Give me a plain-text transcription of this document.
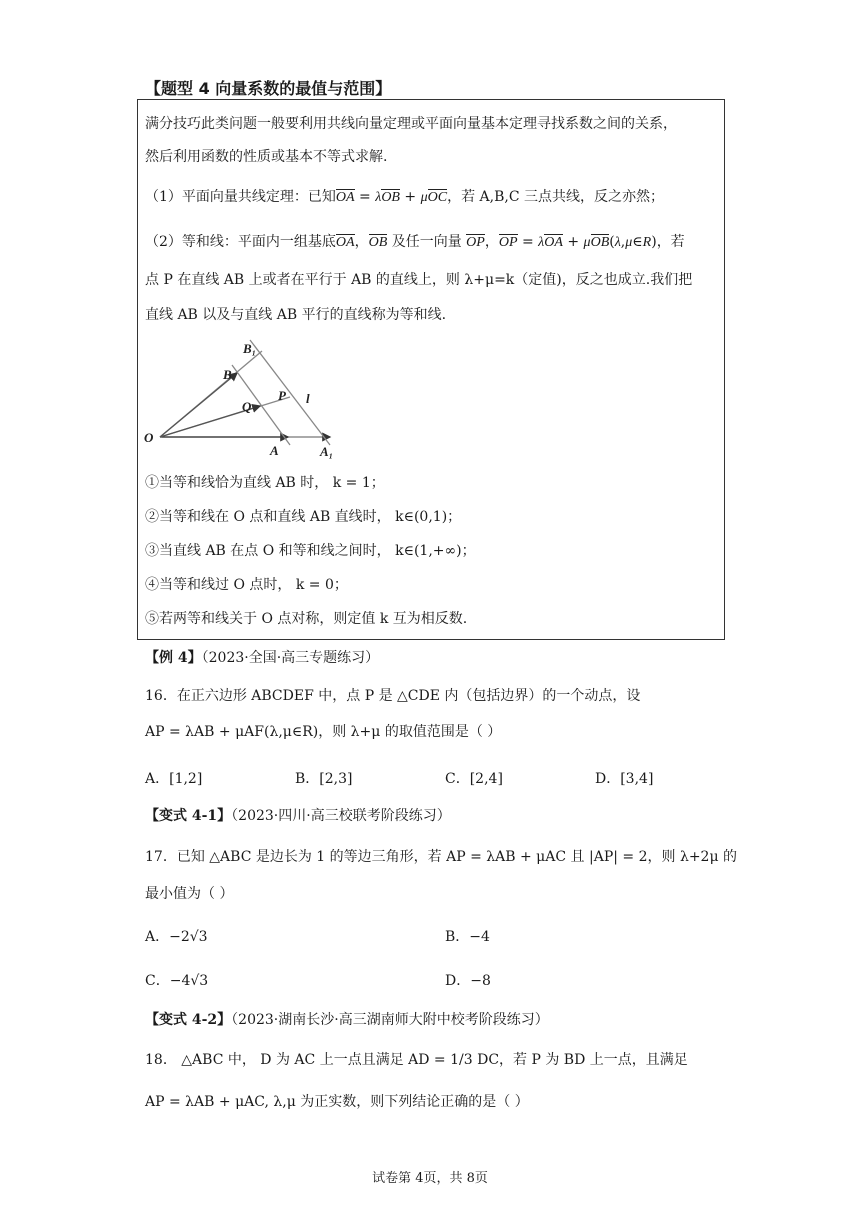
【题型 4 向量系数的最值与范围】
满分技巧此类问题一般要利用共线向量定理或平面向量基本定理寻找系数之间的关系，
然后利用函数的性质或基本不等式求解.
（1）平面向量共线定理：已知OA = λOB + μOC，若 A,B,C 三点共线，反之亦然；
（2）等和线：平面内一组基底OA，OB 及任一向量 OP，OP = λOA + μOB(λ,μ∈R)，若
点 P 在直线 AB 上或者在平行于 AB 的直线上，则 λ+μ=k（定值)，反之也成立.我们把
直线 AB 以及与直线 AB 平行的直线称为等和线.
O
A	A₁
B
B₁
Q
P l
①当等和线恰为直线 AB 时， k = 1；
②当等和线在 O 点和直线 AB 直线时， k∈(0,1)；
③当直线 AB 在点 O 和等和线之间时， k∈(1,+∞)；
④当等和线过 O 点时， k = 0；
⑤若两等和线关于 O 点对称，则定值 k 互为相反数.
【例 4】（2023·全国·高三专题练习）
16．在正六边形 ABCDEF 中，点 P 是 △CDE 内（包括边界）的一个动点，设
AP = λAB + μAF(λ,μ∈R)，则 λ+μ 的取值范围是（ ）
A．[1,2]	B．[2,3]	C．[2,4]	D．[3,4]
【变式 4-1】（2023·四川·高三校联考阶段练习）
17．已知 △ABC 是边长为 1 的等边三角形，若 AP = λAB + μAC 且 |AP| = 2，则 λ+2μ 的
最小值为（ ）
A．−2√3	B．−4
C．−4√3	D．−8
【变式 4-2】（2023·湖南长沙·高三湖南师大附中校考阶段练习）
18． △ABC 中， D 为 AC 上一点且满足 AD = 1/3 DC，若 P 为 BD 上一点，且满足
AP = λAB + μAC, λ,μ 为正实数，则下列结论正确的是（ ）
试卷第 4页，共 8页
